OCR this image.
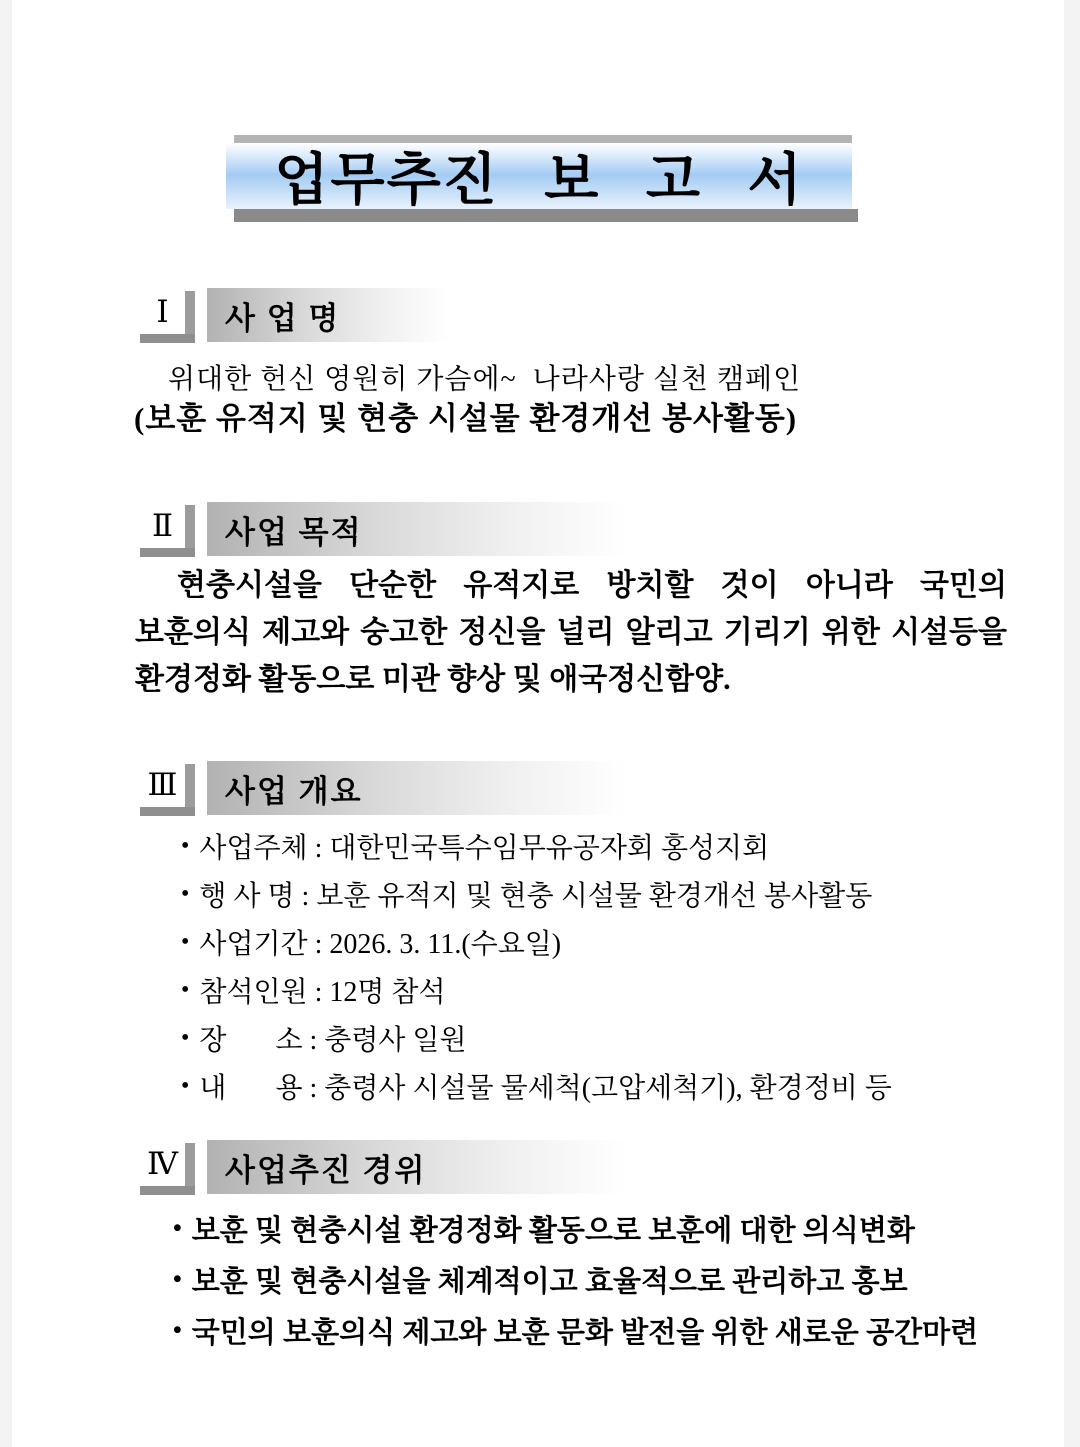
업무추진 보 고 서
Ⅰ	사 업 명
위대한 헌신 영원히 가슴에~  나라사랑 실천 캠페인
(보훈 유적지 및 현충 시설물 환경개선 봉사활동)
Ⅱ	사업 목적
현충시설을 단순한 유적지로 방치할 것이 아니라 국민의 보훈의식 제고와 숭고한 정신을 널리 알리고 기리기 위한 시설등을 환경정화 활동으로 미관 향상 및 애국정신함양.
Ⅲ	사업 개요
• 사업주체 : 대한민국특수임무유공자회 홍성지회
• 행 사 명 : 보훈 유적지 및 현충 시설물 환경개선 봉사활동
• 사업기간 : 2026. 3. 11.(수요일)
• 참석인원 : 12명 참석
• 장       소 : 충령사 일원
• 내       용 : 충령사 시설물 물세척(고압세척기), 환경정비 등
Ⅳ	사업추진 경위
• 보훈 및 현충시설 환경정화 활동으로 보훈에 대한 의식변화
• 보훈 및 현충시설을 체계적이고 효율적으로 관리하고 홍보
• 국민의 보훈의식 제고와 보훈 문화 발전을 위한 새로운 공간마련
